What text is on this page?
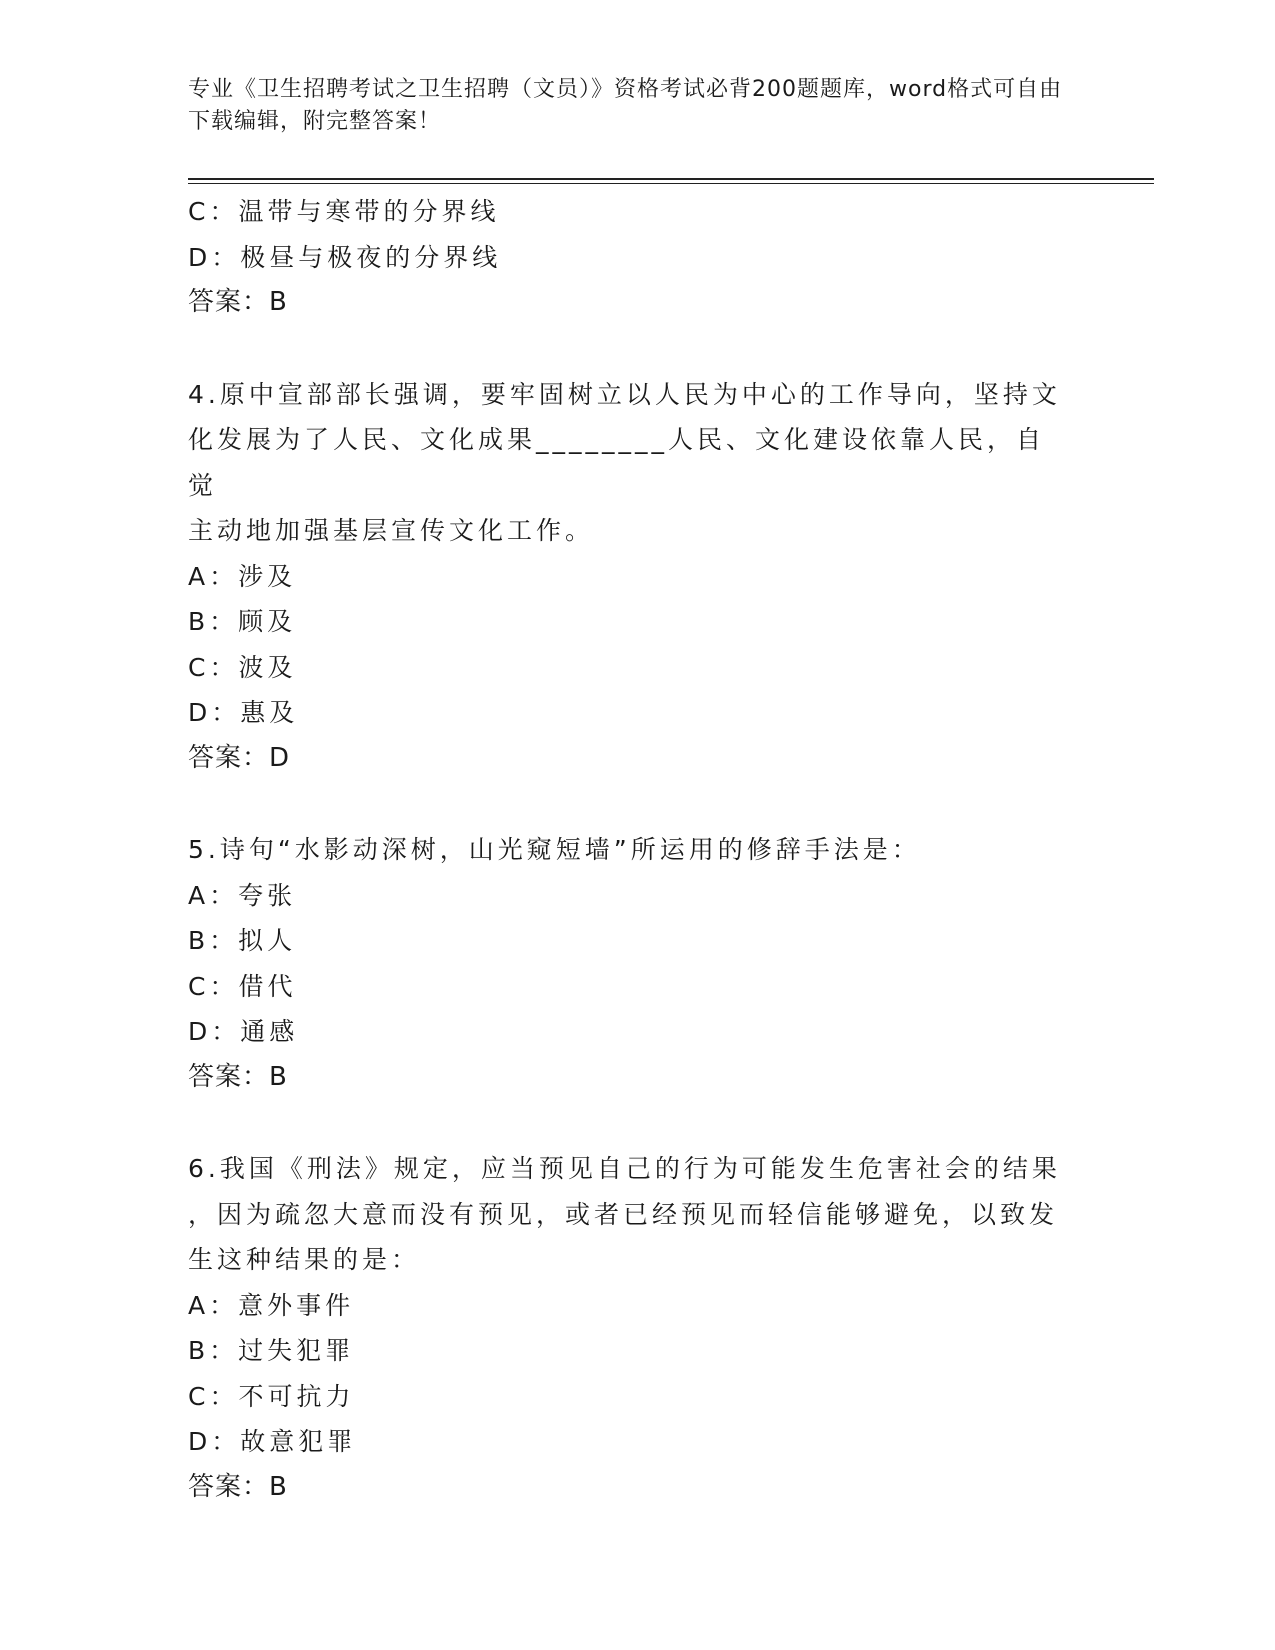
专业《卫生招聘考试之卫生招聘（文员）》资格考试必背200题题库，word格式可自由下载编辑，附完整答案！

C：温带与寒带的分界线

D：极昼与极夜的分界线

答案：B

4.原中宣部部长强调，要牢固树立以人民为中心的工作导向，坚持文

化发展为了人民、文化成果________人民、文化建设依靠人民，自觉

主动地加强基层宣传文化工作。

A：涉及

B：顾及

C：波及

D：惠及

答案：D

5.诗句“水影动深树，山光窥短墙”所运用的修辞手法是：

A：夸张

B：拟人

C：借代

D：通感

答案：B

6.我国《刑法》规定，应当预见自己的行为可能发生危害社会的结果

，因为疏忽大意而没有预见，或者已经预见而轻信能够避免，以致发

生这种结果的是：

A：意外事件

B：过失犯罪

C：不可抗力

D：故意犯罪

答案：B
